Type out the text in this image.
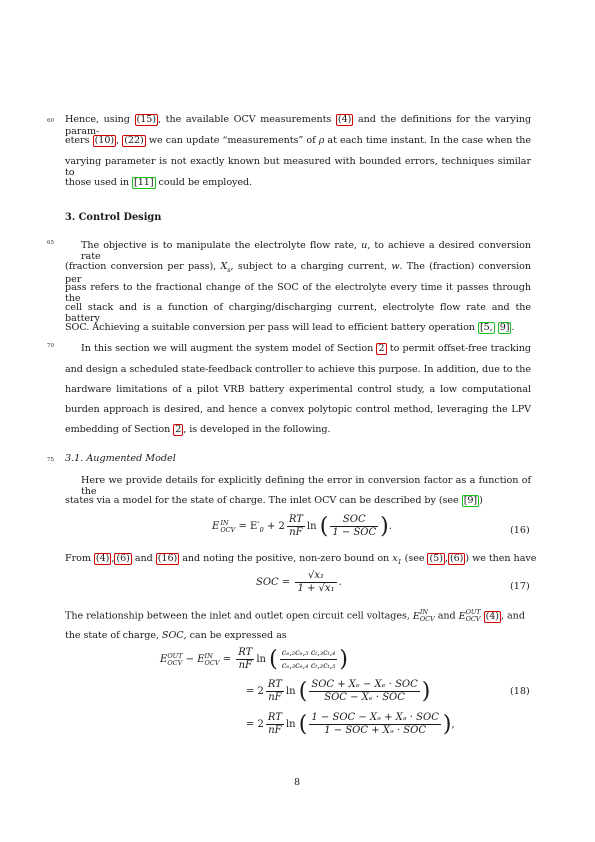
60
65
70
75
Hence, using (15) , the available OCV measurements (4) and the definitions for the varying param-
eters (10) , (22) we can update “measurements” of ρ at each time instant. In the case when the
varying parameter is not exactly known but measured with bounded errors, techniques similar to
those used in [11] could be employed.
3. Control Design
The objective is to manipulate the electrolyte flow rate, u, to achieve a desired conversion rate
(fraction conversion per pass), $X_s$, subject to a charging current, w. The (fraction) conversion per
pass refers to the fractional change of the SOC of the electrolyte every time it passes through the
cell stack and is a function of charging/discharging current, electrolyte flow rate and the battery
SOC. Achieving a suitable conversion per pass will lead to efficient battery operation [5, 9] .
In this section we will augment the system model of Section 2 to permit offset-free tracking
and design a scheduled state-feedback controller to achieve this purpose. In addition, due to the
hardware limitations of a pilot VRB battery experimental control study, a low computational
burden approach is desired, and hence a convex polytopic control method, leveraging the LPV
embedding of Section 2 , is developed in the following.
3.1. Augmented Model
Here we provide details for explicitly defining the error in conversion factor as a function of the
states via a model for the state of charge. The inlet OCV can be described by (see [9] )
E IN
OCV = $E'_0 + 2 \frac{RT}{nF}$ ln ( $\frac{\text{SOC}}{\text{1 − SOC}}$ ).	(16)
From (4) , (6) and (16) and noting the positive, non-zero bound on $x_1$ (see (5) , (6) ) we then have
SOC = $\frac{\text{√x₁}}{\text{1 + √x₁}}$ .	(17)
The relationship between the inlet and outlet open circuit cell voltages, E IN
OCV and E OUT
OCV (4) , and
the state of charge, SOC, can be expressed as
E OUT
OCV − E IN
OCV = $\frac{RT}{nF}$ ln ( $\frac{\text{cₑ,₂cₑ,₅ cₜ,₃cₜ,₄}}{\text{cₑ,₃cₑ,₄ cₜ,₂cₜ,₅}}$ )
= $2 \frac{RT}{nF}$ ln ( $\frac{\text{SOC + Xₑ − Xₑ · SOC}}{\text{SOC − Xₑ · SOC}}$ )	(18)
= $2 \frac{RT}{nF}$ ln ( $\frac{\text{1 − SOC − Xₔ + Xₔ · SOC}}{\text{1 − SOC + Xₔ · SOC}}$ ),
8
